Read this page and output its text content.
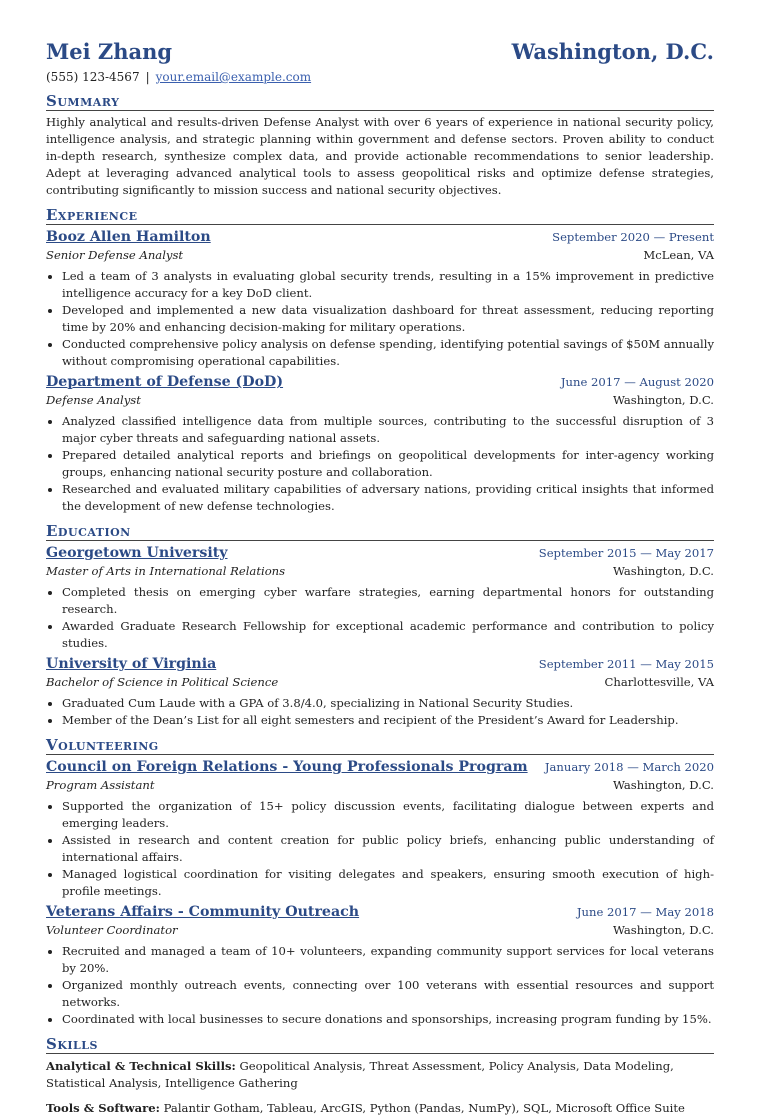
Mei Zhang	Washington, D.C.
(555) 123-4567 | your.email@example.com
Summary
Highly analytical and results-driven Defense Analyst with over 6 years of experience in national security policy, intelligence analysis, and strategic planning within government and defense sectors. Proven ability to conduct in-depth research, synthesize complex data, and provide actionable recommendations to senior leadership. Adept at leveraging advanced analytical tools to assess geopolitical risks and optimize defense strategies, contributing significantly to mission success and national security objectives.
Experience
Booz Allen Hamilton	September 2020 — Present
Senior Defense Analyst	McLean, VA
• Led a team of 3 analysts in evaluating global security trends, resulting in a 15% improvement in predictive intelligence accuracy for a key DoD client.
• Developed and implemented a new data visualization dashboard for threat assessment, reducing reporting time by 20% and enhancing decision-making for military operations.
• Conducted comprehensive policy analysis on defense spending, identifying potential savings of $50M annually without compromising operational capabilities.
Department of Defense (DoD)	June 2017 — August 2020
Defense Analyst	Washington, D.C.
• Analyzed classified intelligence data from multiple sources, contributing to the successful disruption of 3 major cyber threats and safeguarding national assets.
• Prepared detailed analytical reports and briefings on geopolitical developments for inter-agency working groups, enhancing national security posture and collaboration.
• Researched and evaluated military capabilities of adversary nations, providing critical insights that informed the development of new defense technologies.
Education
Georgetown University	September 2015 — May 2017
Master of Arts in International Relations	Washington, D.C.
• Completed thesis on emerging cyber warfare strategies, earning departmental honors for outstanding research.
• Awarded Graduate Research Fellowship for exceptional academic performance and contribution to policy studies.
University of Virginia	September 2011 — May 2015
Bachelor of Science in Political Science	Charlottesville, VA
• Graduated Cum Laude with a GPA of 3.8/4.0, specializing in National Security Studies.
• Member of the Dean’s List for all eight semesters and recipient of the President’s Award for Leadership.
Volunteering
Council on Foreign Relations - Young Professionals Program January 2018 — March 2020
Program Assistant	Washington, D.C.
• Supported the organization of 15+ policy discussion events, facilitating dialogue between experts and emerging leaders.
• Assisted in research and content creation for public policy briefs, enhancing public understanding of international affairs.
• Managed logistical coordination for visiting delegates and speakers, ensuring smooth execution of high-profile meetings.
Veterans Affairs - Community Outreach	June 2017 — May 2018
Volunteer Coordinator	Washington, D.C.
• Recruited and managed a team of 10+ volunteers, expanding community support services for local veterans by 20%.
• Organized monthly outreach events, connecting over 100 veterans with essential resources and support networks.
• Coordinated with local businesses to secure donations and sponsorships, increasing program funding by 15%.
Skills
Analytical & Technical Skills: Geopolitical Analysis, Threat Assessment, Policy Analysis, Data Modeling, Statistical Analysis, Intelligence Gathering
Tools & Software: Palantir Gotham, Tableau, ArcGIS, Python (Pandas, NumPy), SQL, Microsoft Office Suite
